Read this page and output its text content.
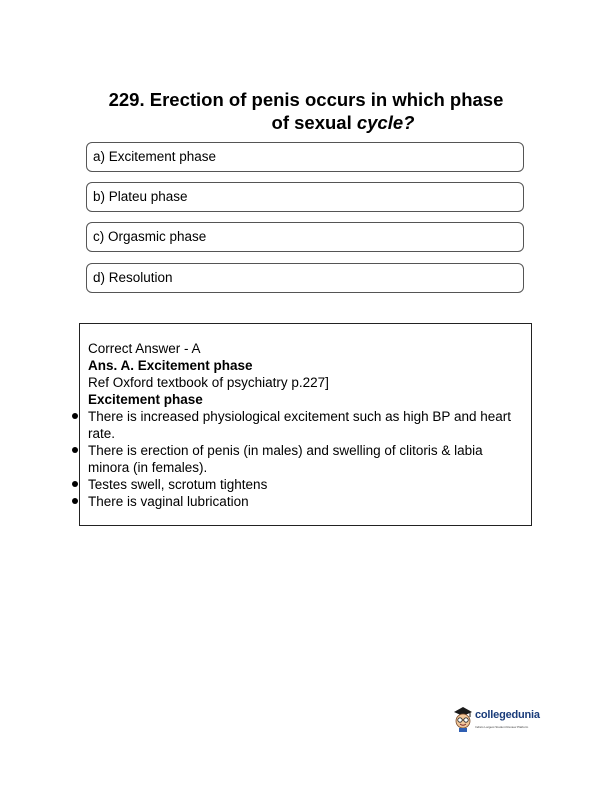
229. Erection of penis occurs in which phase
of sexual cycle?
a) Excitement phase
b) Plateu phase
c) Orgasmic phase
d) Resolution
Correct Answer - A
Ans. A. Excitement phase
Ref Oxford textbook of psychiatry p.227]
Excitement phase
There is increased physiological excitement such as high BP and heart rate.
There is erection of penis (in males) and swelling of clitoris & labia minora (in females).
Testes swell, scrotum tightens
There is vaginal lubrication
collegedunia
India's Largest Student Review Platform
